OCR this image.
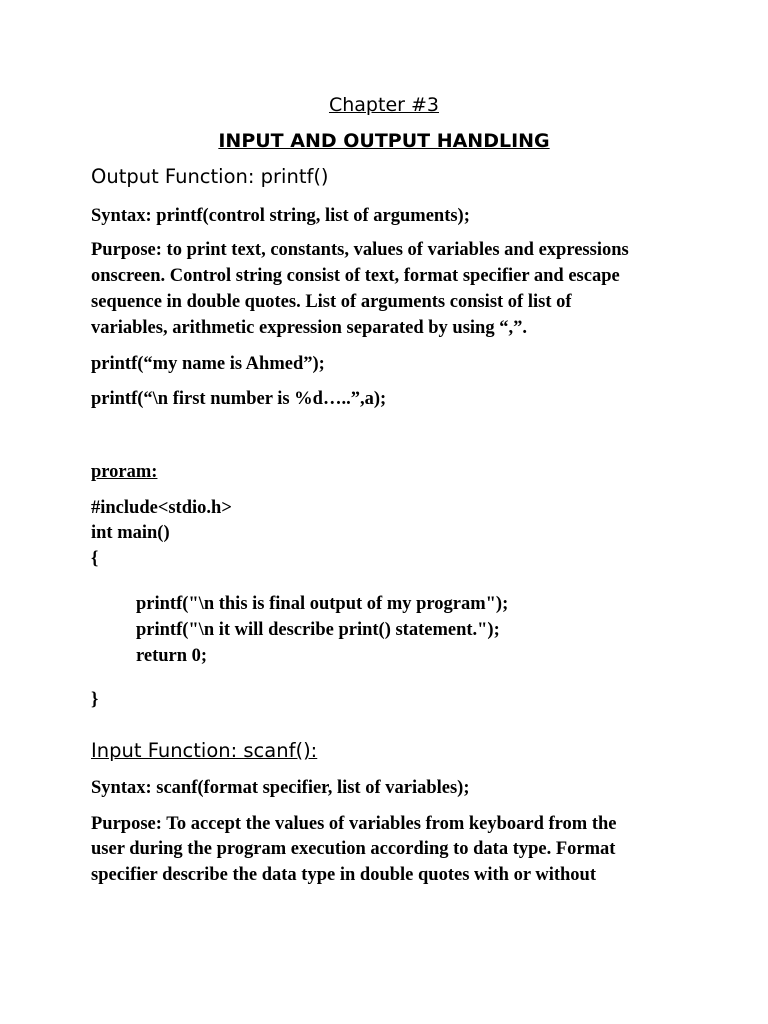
Chapter #3

INPUT AND OUTPUT HANDLING

Output Function: printf()

Syntax: printf(control string, list of arguments);

Purpose: to print text, constants, values of variables and expressions

onscreen. Control string consist of text, format specifier and escape

sequence in double quotes. List of arguments consist of list of

variables, arithmetic expression separated by using “,”.

printf(“my name is Ahmed”);

printf(“\n first number is %d…..”,a);

proram:

#include<stdio.h>

int main()

{

printf("\n this is final output of my program");

printf("\n it will describe print() statement.");

return 0;

}

Input Function: scanf():

Syntax: scanf(format specifier, list of variables);

Purpose: To accept the values of variables from keyboard from the

user during the program execution according to data type. Format

specifier describe the data type in double quotes with or without
